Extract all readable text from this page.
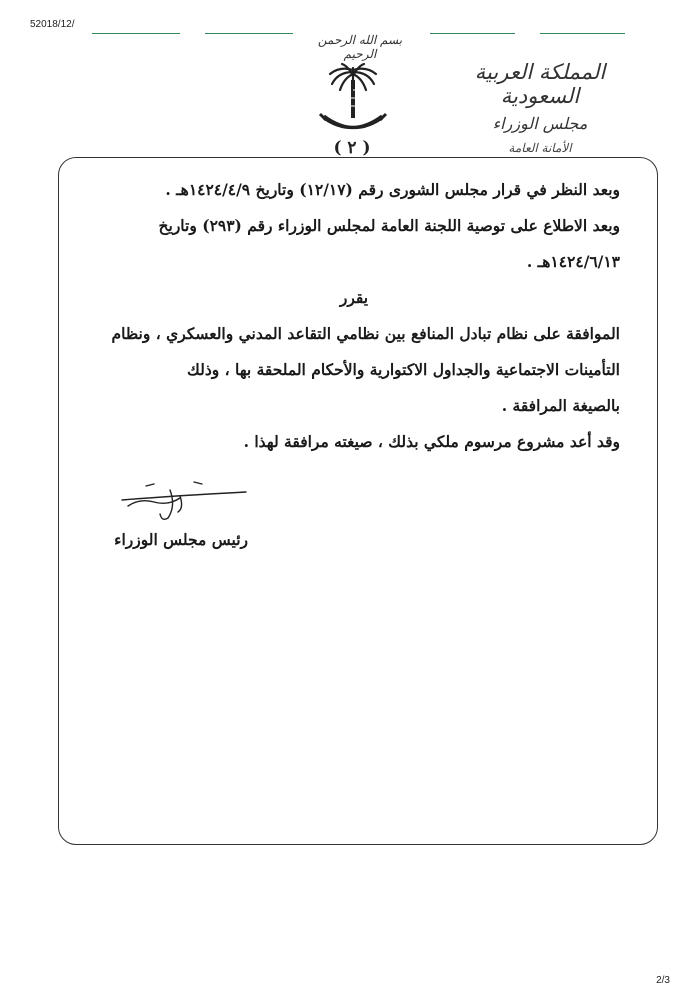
52018/12/
بسم الله الرحمن الرحيم
المملكة العربية السعودية
مجلس الوزراء
الأمانة العامة
( ٢ )

وبعد النظر في قرار مجلس الشورى رقم (١٢/١٧) وتاريخ ١٤٢٤/٤/٩هـ .

وبعد الاطلاع على توصية اللجنة العامة لمجلس الوزراء رقم (٢٩٣) وتاريخ

١٤٢٤/٦/١٣هـ .

يقرر

الموافقة على نظام تبادل المنافع بين نظامي التقاعد المدني والعسكري ، ونظام

التأمينات الاجتماعية والجداول الاكتوارية والأحكام الملحقة بها ، وذلك

بالصيغة المرافقة .

وقد أعد مشروع مرسوم ملكي بذلك ، صيغته مرافقة لهذا .

رئيس مجلس الوزراء
2/3
